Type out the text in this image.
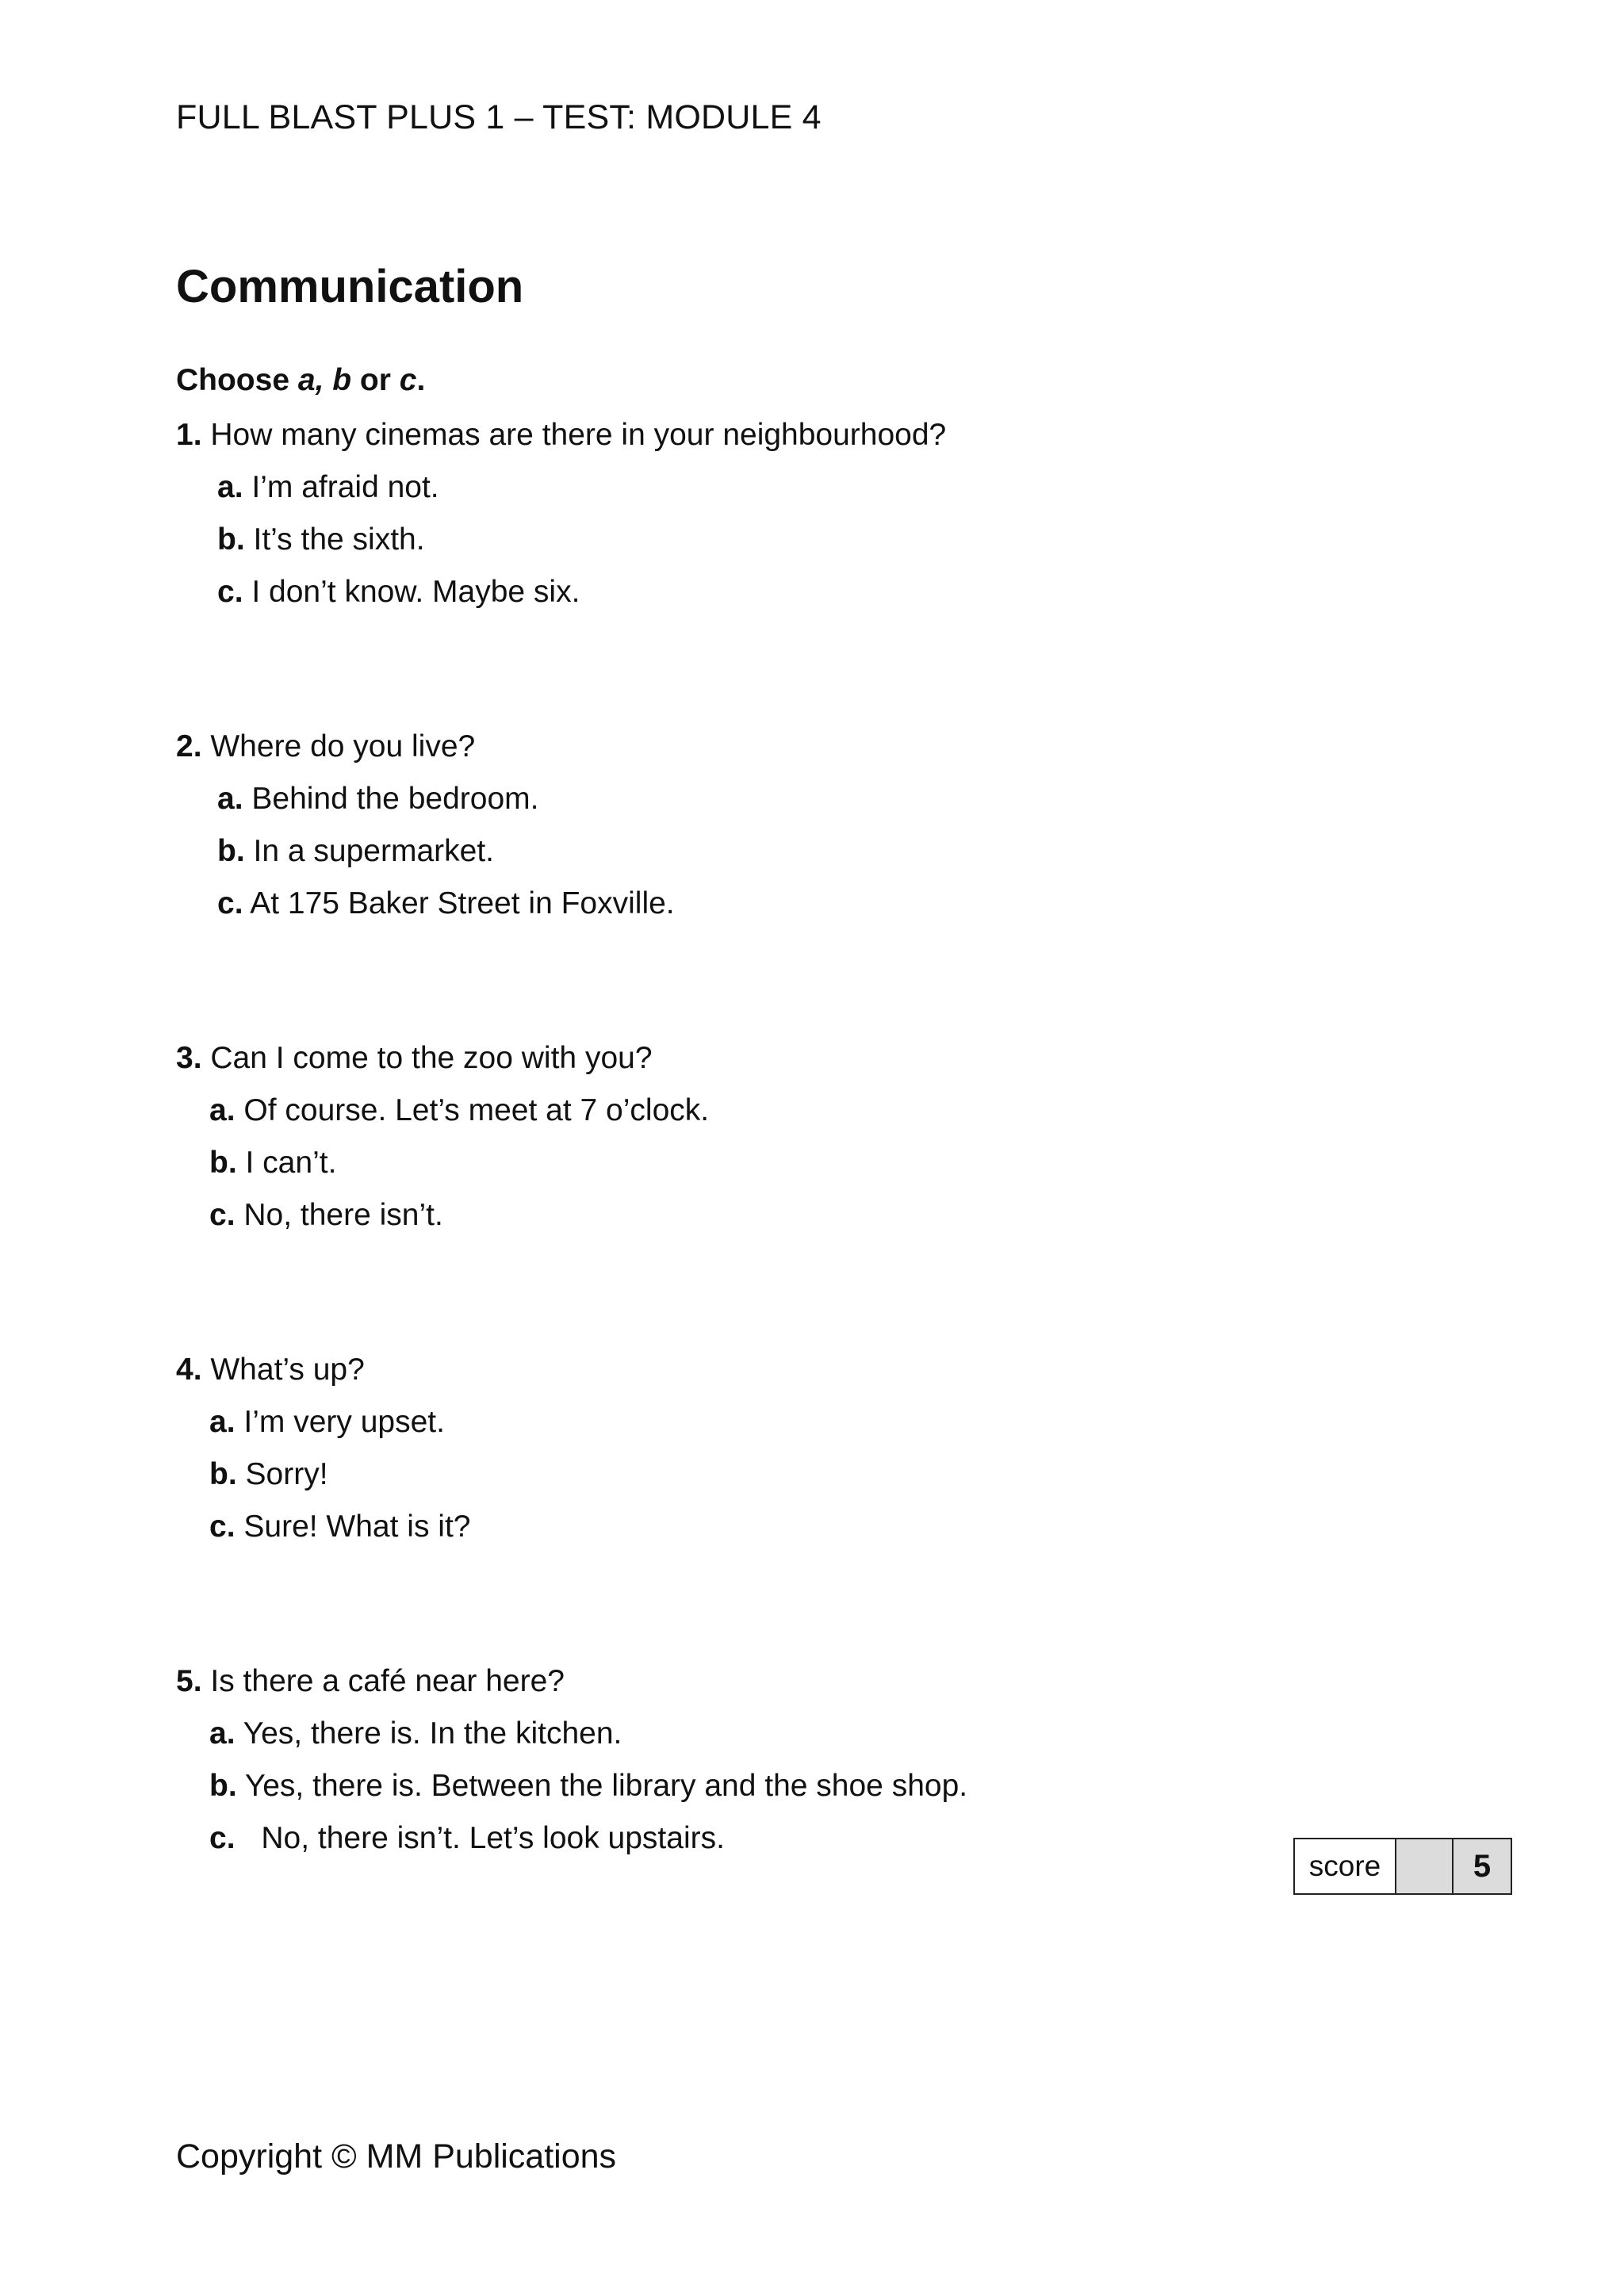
FULL BLAST PLUS 1 – TEST: MODULE 4
Communication
Choose a, b or c.
1. How many cinemas are there in your neighbourhood?
a. I’m afraid not.
b. It’s the sixth.
c. I don’t know. Maybe six.
2. Where do you live?
a. Behind the bedroom.
b. In a supermarket.
c. At 175 Baker Street in Foxville.
3. Can I come to the zoo with you?
a. Of course. Let’s meet at 7 o’clock.
b. I can’t.
c. No, there isn’t.
4. What’s up?
a. I’m very upset.
b. Sorry!
c. Sure! What is it?
5. Is there a café near here?
a. Yes, there is. In the kitchen.
b. Yes, there is. Between the library and the shoe shop.
c. No, there isn’t. Let’s look upstairs.
score	5
Copyright © MM Publications
